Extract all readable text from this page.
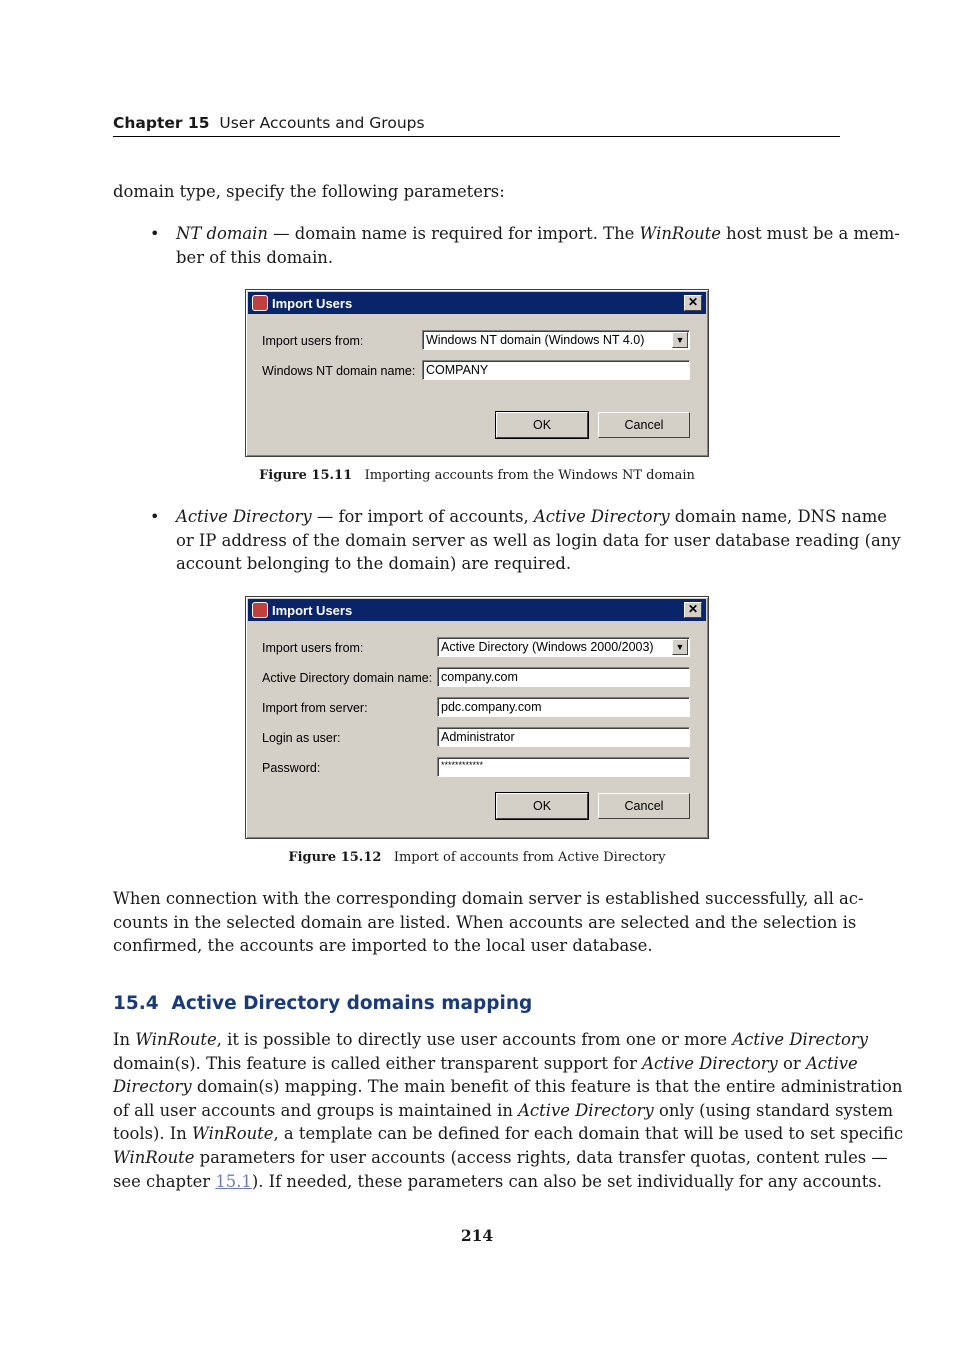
Chapter 15 User Accounts and Groups
domain type, specify the following parameters:
• NT domain — domain name is required for import. The WinRoute host must be a mem-
ber of this domain.
Import Users	✕
Import users from:	Windows NT domain (Windows NT 4.0)	▼
Windows NT domain name: COMPANY
OK	Cancel
Figure 15.11 Importing accounts from the Windows NT domain
• Active Directory — for import of accounts, Active Directory domain name, DNS name
or IP address of the domain server as well as login data for user database reading (any
account belonging to the domain) are required.
Import Users	✕
Import users from:	Active Directory (Windows 2000/2003)	▼
Active Directory domain name: company.com
Import from server:	pdc.company.com
Login as user:	Administrator
Password:	************
OK	Cancel
Figure 15.12 Import of accounts from Active Directory
When connection with the corresponding domain server is established successfully, all ac-
counts in the selected domain are listed. When accounts are selected and the selection is
confirmed, the accounts are imported to the local user database.
15.4 Active Directory domains mapping
In WinRoute, it is possible to directly use user accounts from one or more Active Directory
domain(s). This feature is called either transparent support for Active Directory or Active
Directory domain(s) mapping. The main benefit of this feature is that the entire administration
of all user accounts and groups is maintained in Active Directory only (using standard system
tools). In WinRoute, a template can be defined for each domain that will be used to set specific
WinRoute parameters for user accounts (access rights, data transfer quotas, content rules —
see chapter 15.1). If needed, these parameters can also be set individually for any accounts.
214
